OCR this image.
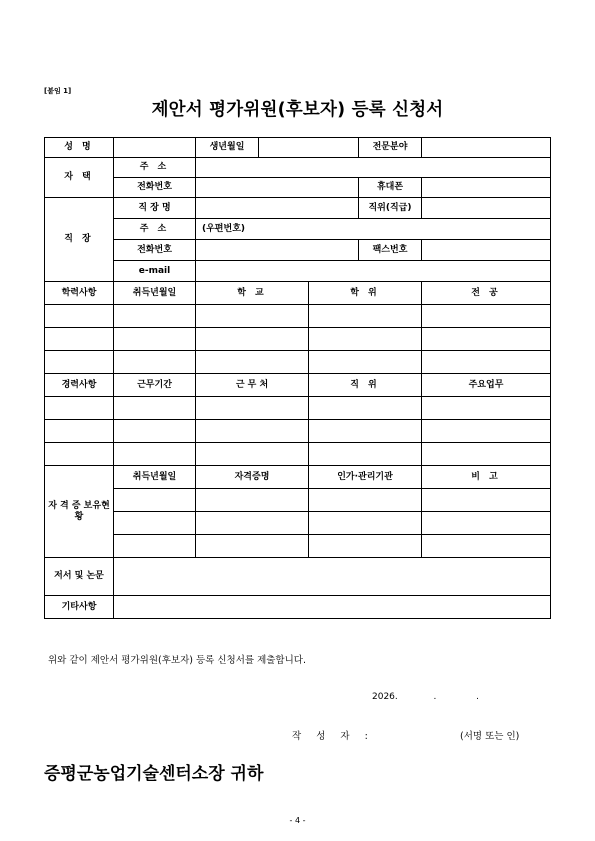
[붙임 1]
제안서 평가위원(후보자) 등록 신청서
성 명		생년월일			전문분야	
자 택	주 소					
	전화번호				휴대폰	
직 장	직 장 명				직위(직급)	
	주 소	(우편번호)				
	전화번호				팩스번호	
	e-mail					
학력사항	취득년월일	학 교		학 위		전 공

경력사항	근무기간	근 무 처		직 위		주요업무

자 격 증 보유현황	취득년월일	자격증명		인가·관리기관		비 고

저서 및 논문						
기타사항						
위와 같이 제안서 평가위원(후보자) 등록 신청서를 제출합니다.
2026.	.	.
작 성 자 :	(서명 또는 인)
증평군농업기술센터소장 귀하
- 4 -
